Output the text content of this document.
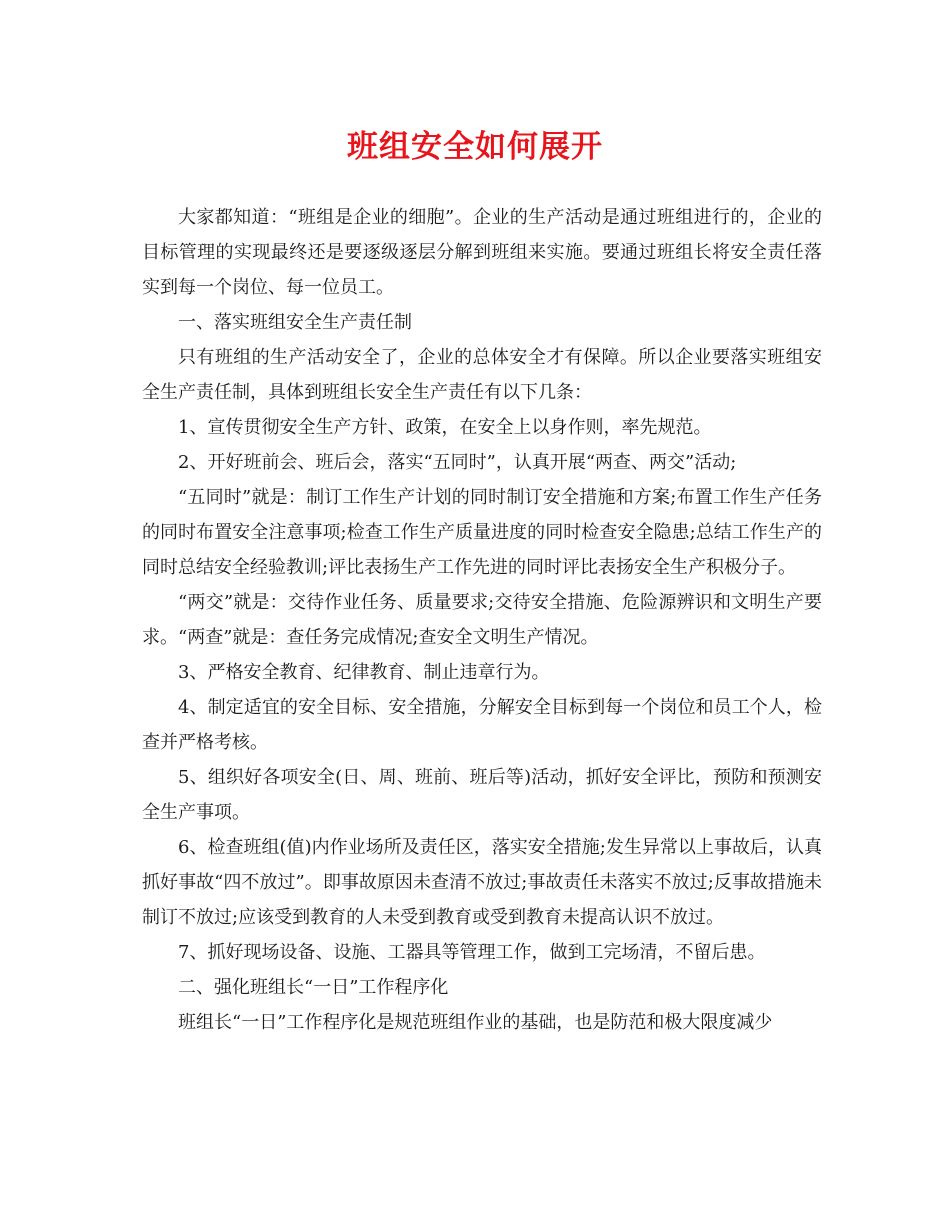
班组安全如何展开

大家都知道：“班组是企业的细胞”。企业的生产活动是通过班组进行的，企业的目标管理的实现最终还是要逐级逐层分解到班组来实施。要通过班组长将安全责任落实到每一个岗位、每一位员工。

一、落实班组安全生产责任制

只有班组的生产活动安全了，企业的总体安全才有保障。所以企业要落实班组安全生产责任制，具体到班组长安全生产责任有以下几条：

1、宣传贯彻安全生产方针、政策，在安全上以身作则，率先规范。

2、开好班前会、班后会，落实“五同时”，认真开展“两查、两交”活动;

“五同时”就是：制订工作生产计划的同时制订安全措施和方案;布置工作生产任务的同时布置安全注意事项;检查工作生产质量进度的同时检查安全隐患;总结工作生产的同时总结安全经验教训;评比表扬生产工作先进的同时评比表扬安全生产积极分子。

“两交”就是：交待作业任务、质量要求;交待安全措施、危险源辨识和文明生产要求。“两查”就是：查任务完成情况;查安全文明生产情况。

3、严格安全教育、纪律教育、制止违章行为。

4、制定适宜的安全目标、安全措施，分解安全目标到每一个岗位和员工个人，检查并严格考核。

5、组织好各项安全(日、周、班前、班后等)活动，抓好安全评比，预防和预测安全生产事项。

6、检查班组(值)内作业场所及责任区，落实安全措施;发生异常以上事故后，认真抓好事故“四不放过”。即事故原因未查清不放过;事故责任未落实不放过;反事故措施未制订不放过;应该受到教育的人未受到教育或受到教育未提高认识不放过。

7、抓好现场设备、设施、工器具等管理工作，做到工完场清，不留后患。

二、强化班组长“一日”工作程序化

班组长“一日”工作程序化是规范班组作业的基础，也是防范和极大限度减少
